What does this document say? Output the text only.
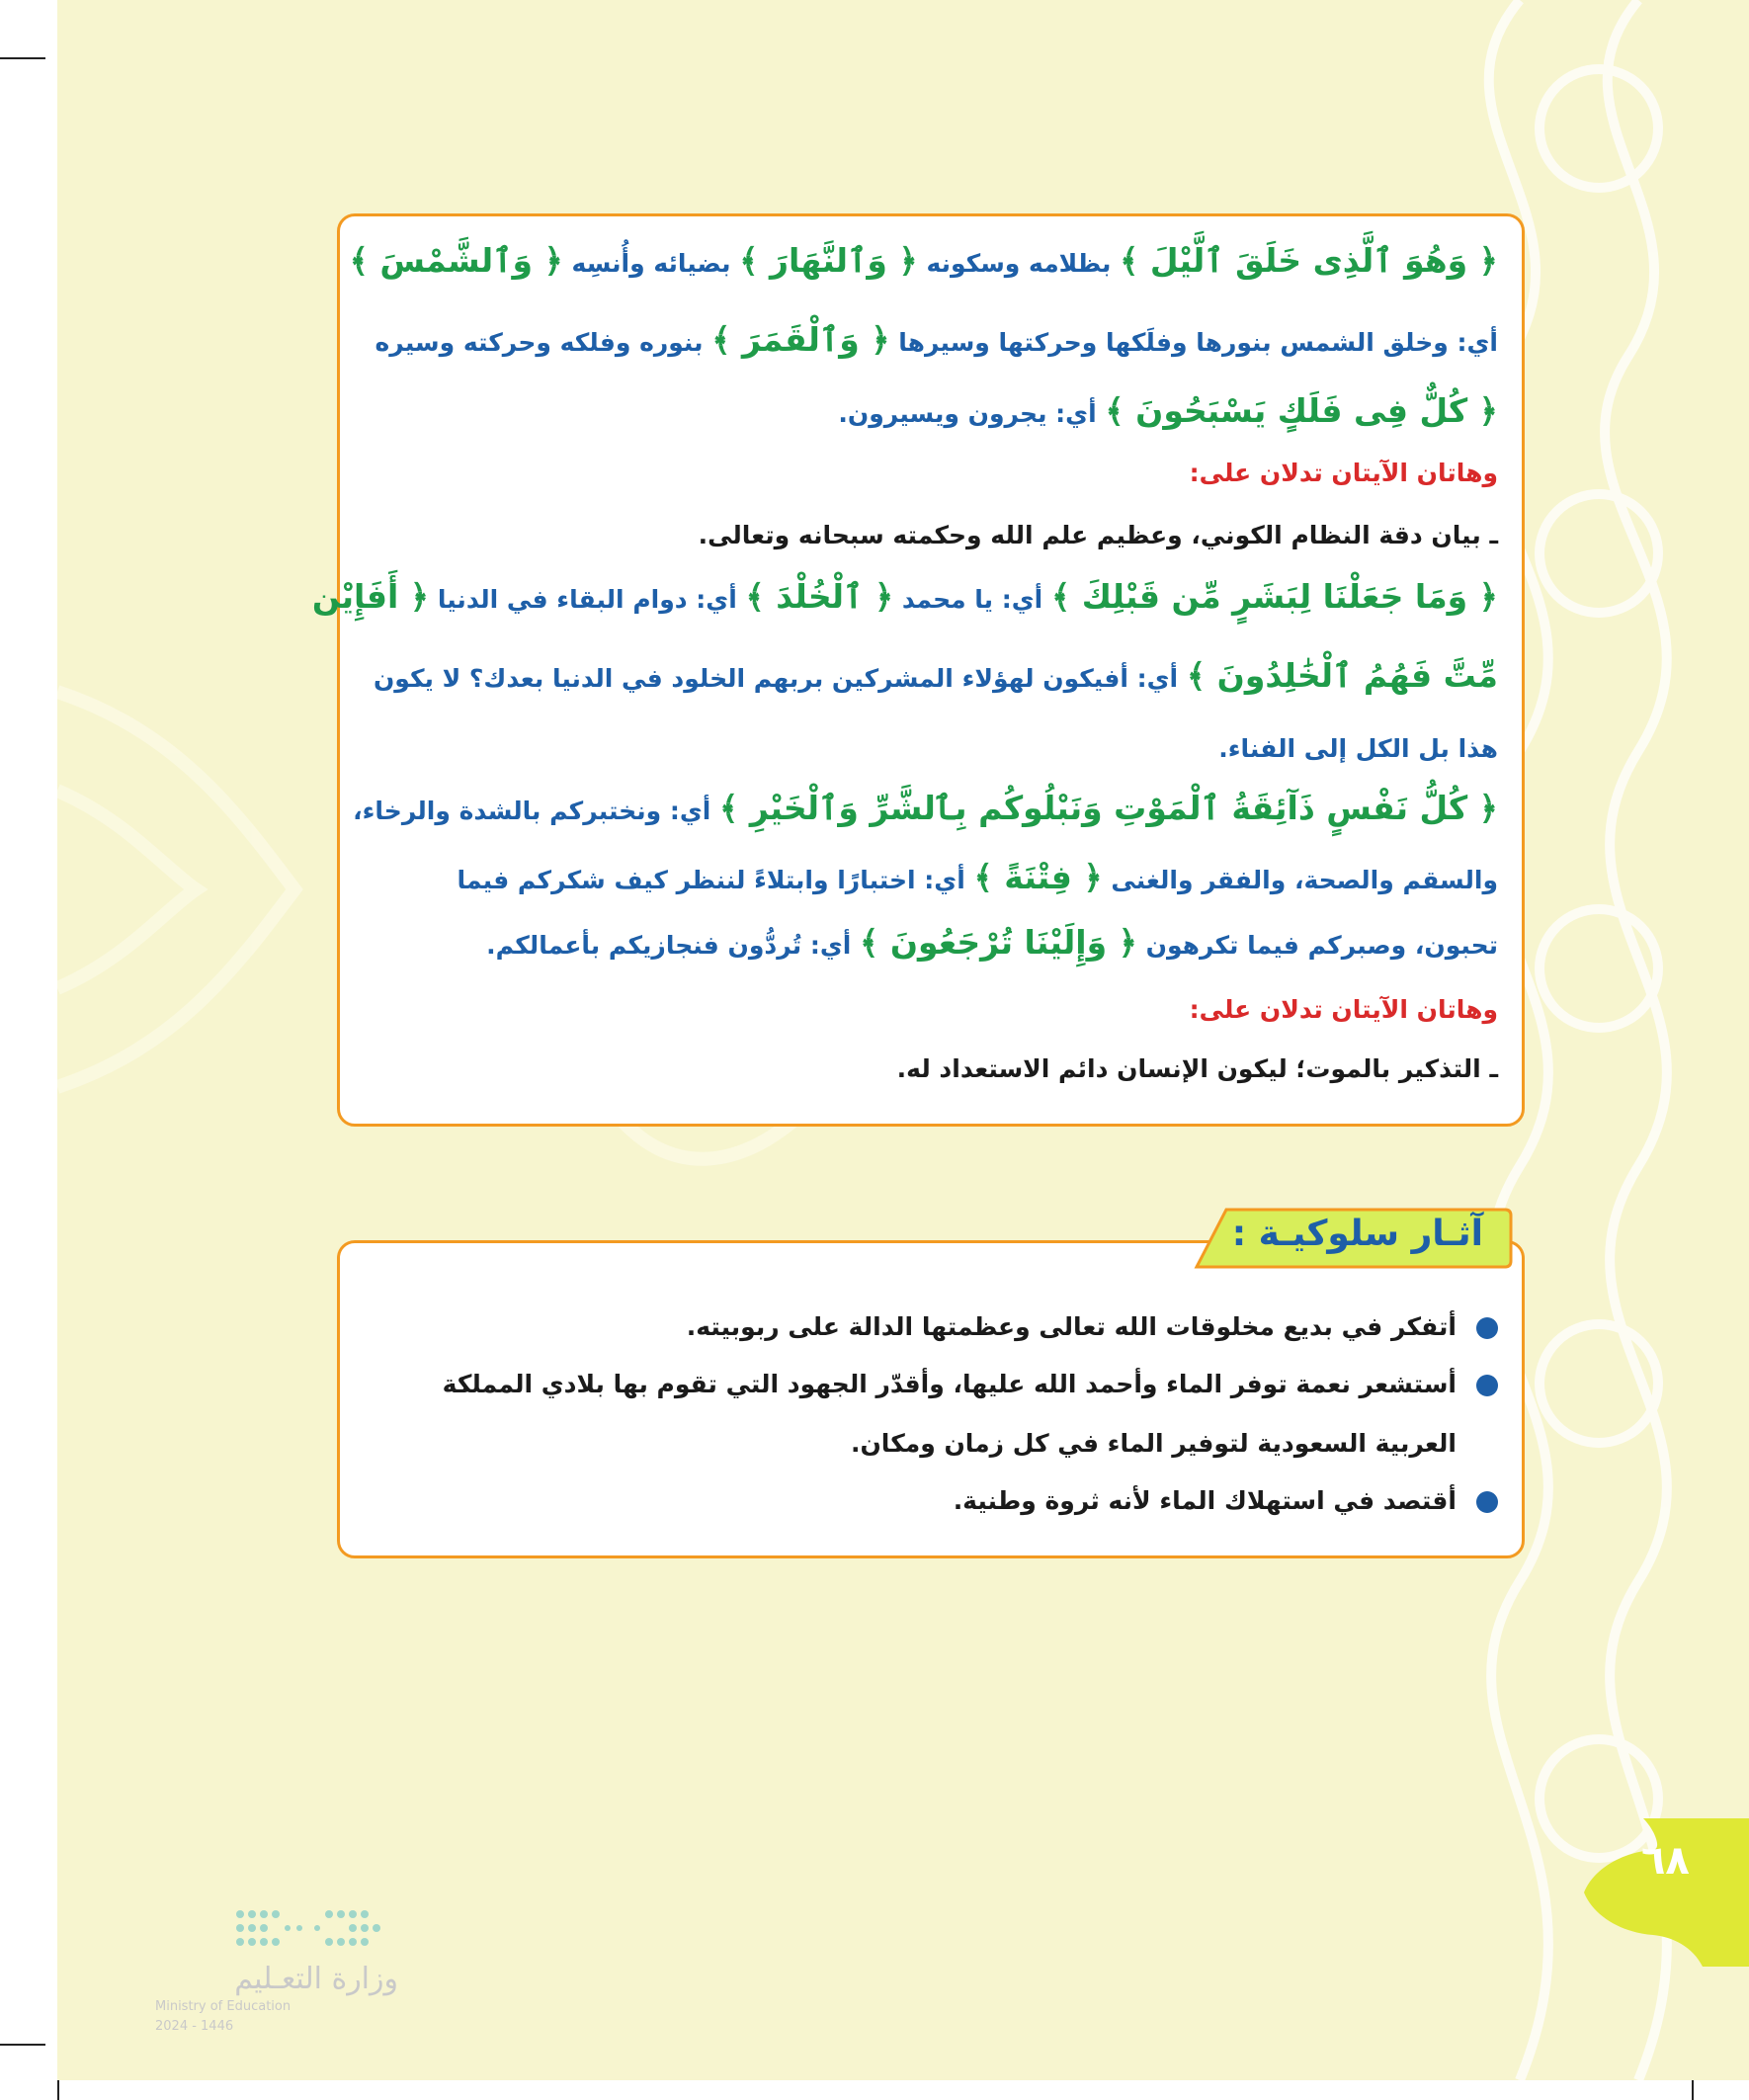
﴿ وَهُوَ ٱلَّذِى خَلَقَ ٱلَّيْلَ ﴾ بظلامه وسكونه ﴿ وَٱلنَّهَارَ ﴾ بضيائه وأُنسِه ﴿ وَٱلشَّمْسَ ﴾
أي: وخلق الشمس بنورها وفلَكها وحركتها وسيرها ﴿ وَٱلْقَمَرَ ﴾ بنوره وفلكه وحركته وسيره
﴿ كُلٌّ فِى فَلَكٍ يَسْبَحُونَ ﴾ أي: يجرون ويسيرون.
وهاتان الآيتان تدلان على:
ـ بيان دقة النظام الكوني، وعظيم علم الله وحكمته سبحانه وتعالى.
﴿ وَمَا جَعَلْنَا لِبَشَرٍ مِّن قَبْلِكَ ﴾ أي: يا محمد ﴿ ٱلْخُلْدَ ﴾ أي: دوام البقاء في الدنيا ﴿ أَفَإِيْن
مِّتَّ فَهُمُ ٱلْخَٰلِدُونَ ﴾ أي: أفيكون لهؤلاء المشركين بربهم الخلود في الدنيا بعدك؟ لا يكون
هذا بل الكل إلى الفناء.
﴿ كُلُّ نَفْسٍ ذَآئِقَةُ ٱلْمَوْتِ وَنَبْلُوكُم بِٱلشَّرِّ وَٱلْخَيْرِ ﴾ أي: ونختبركم بالشدة والرخاء،
والسقم والصحة، والفقر والغنى ﴿ فِتْنَةً ﴾ أي: اختبارًا وابتلاءً لننظر كيف شكركم فيما
تحبون، وصبركم فيما تكرهون ﴿ وَإِلَيْنَا تُرْجَعُونَ ﴾ أي: تُردُّون فنجازيكم بأعمالكم.
وهاتان الآيتان تدلان على:
ـ التذكير بالموت؛ ليكون الإنسان دائم الاستعداد له.
أتفكر في بديع مخلوقات الله تعالى وعظمتها الدالة على ربوبيته.
أستشعر نعمة توفر الماء وأحمد الله عليها، وأقدّر الجهود التي تقوم بها بلادي المملكة
العربية السعودية لتوفير الماء في كل زمان ومكان.
أقتصد في استهلاك الماء لأنه ثروة وطنية.
آثـار سلوكيـة :
٦٨
وزارة التعـليم
Ministry of Education
2024 - 1446
